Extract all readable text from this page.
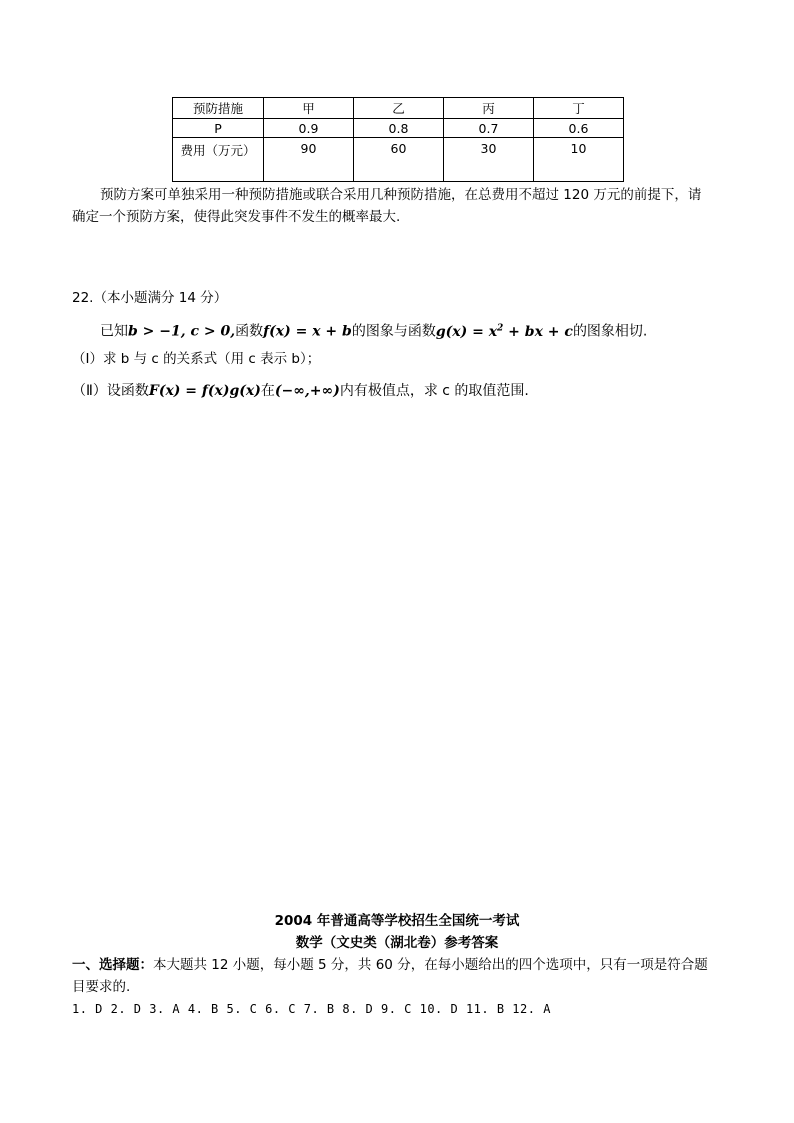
预防措施	甲	乙	丙	丁
P	0.9	0.8	0.7	0.6
费用（万元）	90	60	30	10
预防方案可单独采用一种预防措施或联合采用几种预防措施，在总费用不超过 120 万元的前提下，请
确定一个预防方案，使得此突发事件不发生的概率最大.
22.（本小题满分 14 分）
已知b > −1, c > 0,函数f(x) = x + b的图象与函数$g(x) = x^2$ + bx + c的图象相切.
（Ⅰ）求 b 与 c 的关系式（用 c 表示 b）；
（Ⅱ）设函数F(x) = f(x)g(x)在(−∞,+∞)内有极值点，求 c 的取值范围.
2004 年普通高等学校招生全国统一考试
数学（文史类（湖北卷）参考答案
一、选择题：本大题共 12 小题，每小题 5 分，共 60 分，在每小题给出的四个选项中，只有一项是符合题
目要求的.
1. D 2. D 3. A 4. B 5. C 6. C 7. B 8. D 9. C 10. D 11. B 12. A
